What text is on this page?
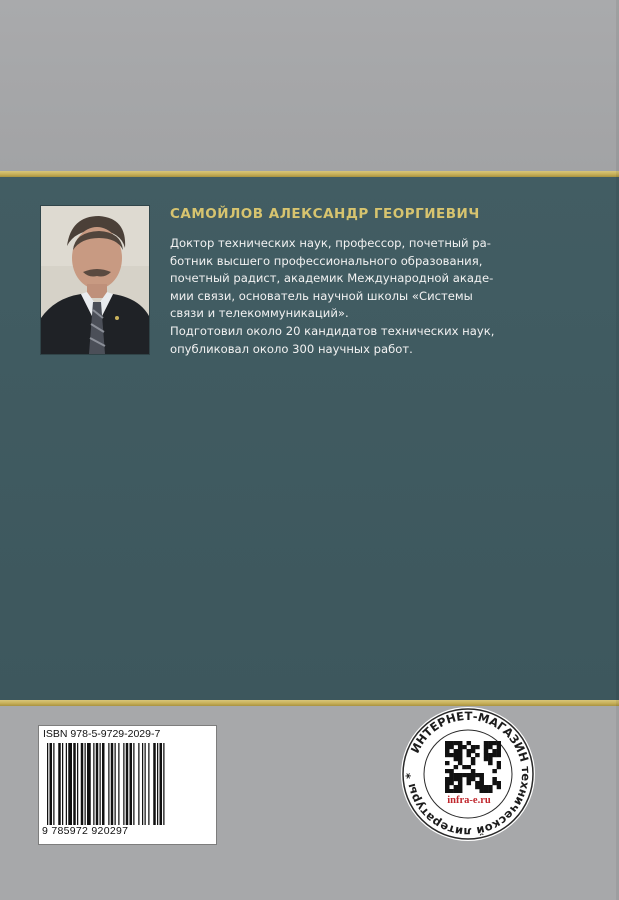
САМОЙЛОВ АЛЕКСАНДР ГЕОРГИЕВИЧ
Доктор технических наук, профессор, почетный ра-
ботник высшего профессионального образования,
почетный радист, академик Международной акаде-
мии связи, основатель научной школы «Системы
связи и телекоммуникаций».
Подготовил около 20 кандидатов технических наук,
опубликовал около 300 научных работ.
ISBN 978-5-9729-2029-7
9 785972 920297
ИНТЕРНЕТ-МАГАЗИН технической литературы *
infra-e.ru
